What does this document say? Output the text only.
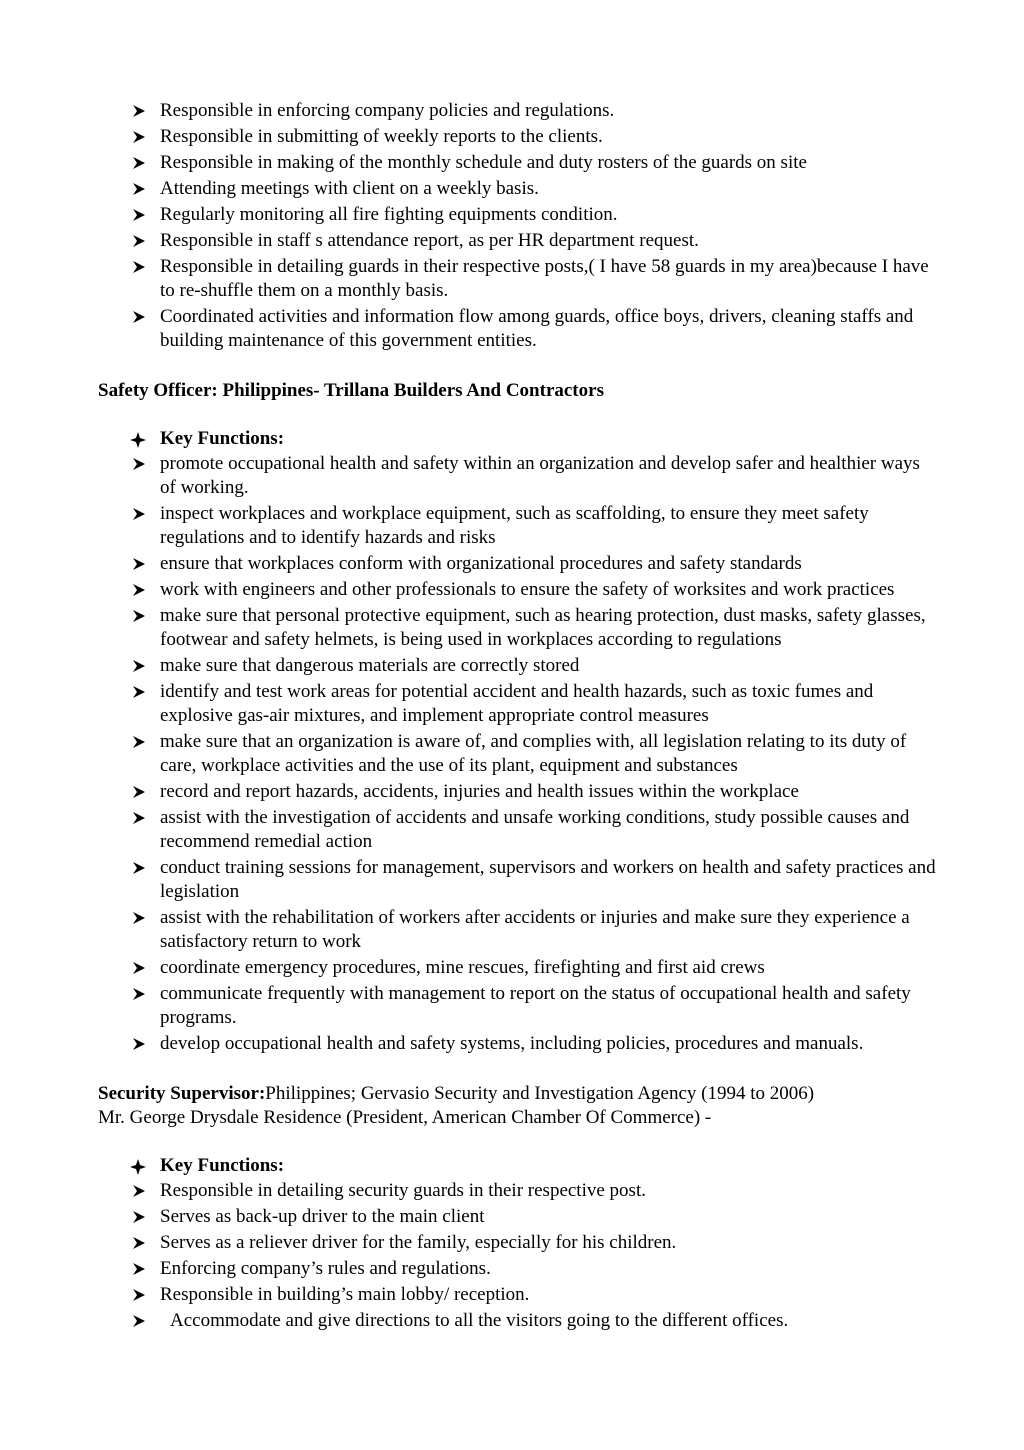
Responsible in enforcing company policies and regulations.
Responsible in submitting of weekly reports to the clients.
Responsible in making of the monthly schedule and duty rosters of the guards on site
Attending meetings with client on a weekly basis.
Regularly monitoring all fire fighting equipments condition.
Responsible in staff s attendance report, as per HR department request.
Responsible in detailing guards in their respective posts,( I have 58 guards in my area)because I have to re-shuffle them on a monthly basis.
Coordinated activities and information flow among guards, office boys, drivers, cleaning staffs and building maintenance of this government entities.

Safety Officer: Philippines- Trillana Builders And Contractors

Key Functions:
promote occupational health and safety within an organization and develop safer and healthier ways of working.
inspect workplaces and workplace equipment, such as scaffolding, to ensure they meet safety regulations and to identify hazards and risks
ensure that workplaces conform with organizational procedures and safety standards
work with engineers and other professionals to ensure the safety of worksites and work practices
make sure that personal protective equipment, such as hearing protection, dust masks, safety glasses, footwear and safety helmets, is being used in workplaces according to regulations
make sure that dangerous materials are correctly stored
identify and test work areas for potential accident and health hazards, such as toxic fumes and explosive gas-air mixtures, and implement appropriate control measures
make sure that an organization is aware of, and complies with, all legislation relating to its duty of care, workplace activities and the use of its plant, equipment and substances
record and report hazards, accidents, injuries and health issues within the workplace
assist with the investigation of accidents and unsafe working conditions, study possible causes and recommend remedial action
conduct training sessions for management, supervisors and workers on health and safety practices and legislation
assist with the rehabilitation of workers after accidents or injuries and make sure they experience a satisfactory return to work
coordinate emergency procedures, mine rescues, firefighting and first aid crews
communicate frequently with management to report on the status of occupational health and safety programs.
develop occupational health and safety systems, including policies, procedures and manuals.

Security Supervisor:Philippines; Gervasio Security and Investigation Agency (1994 to 2006)

Mr. George Drysdale Residence (President, American Chamber Of Commerce) -

Key Functions:
Responsible in detailing security guards in their respective post.
Serves as back-up driver to the main client
Serves as a reliever driver for the family, especially for his children.
Enforcing company’s rules and regulations.
Responsible in building’s main lobby/ reception.
Accommodate and give directions to all the visitors going to the different offices.
